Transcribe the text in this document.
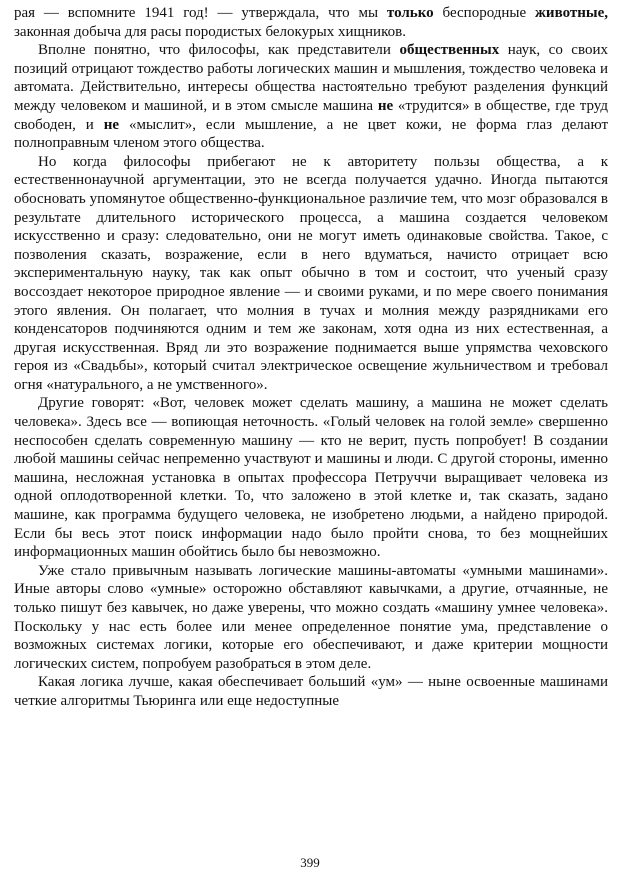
рая — вспомните 1941 год! — утверждала, что мы только беспородные животные, законная добыча для расы породистых белокурых хищников.

Вполне понятно, что философы, как представители общественных наук, со своих позиций отрицают тождество работы логических машин и мышления, тождество человека и автомата. Действительно, интересы общества настоятельно требуют разделения функций между человеком и машиной, и в этом смысле машина не «трудится» в обществе, где труд свободен, и не «мыслит», если мышление, а не цвет кожи, не форма глаз делают полноправным членом этого общества.

Но когда философы прибегают не к авторитету пользы общества, а к естественнонаучной аргументации, это не всегда получается удачно. Иногда пытаются обосновать упомянутое общественно-функциональное различие тем, что мозг образовался в результате длительного исторического процесса, а машина создается человеком искусственно и сразу: следовательно, они не могут иметь одинаковые свойства. Такое, с позволения сказать, возражение, если в него вдуматься, начисто отрицает всю экспериментальную науку, так как опыт обычно в том и состоит, что ученый сразу воссоздает некоторое природное явление — и своими руками, и по мере своего понимания этого явления. Он полагает, что молния в тучах и молния между разрядниками его конденсаторов подчиняются одним и тем же законам, хотя одна из них естественная, а другая искусственная. Вряд ли это возражение поднимается выше упрямства чеховского героя из «Свадьбы», который считал электрическое освещение жульничеством и требовал огня «натурального, а не умственного».

Другие говорят: «Вот, человек может сделать машину, а машина не может сделать человека». Здесь все — вопиющая неточность. «Голый человек на голой земле» свершенно неспособен сделать современную машину — кто не верит, пусть попробует! В создании любой машины сейчас непременно участвуют и машины и люди. С другой стороны, именно машина, несложная установка в опытах профессора Петруччи выращивает человека из одной оплодотворенной клетки. То, что заложено в этой клетке и, так сказать, задано машине, как программа будущего человека, не изобретено людьми, а найдено природой. Если бы весь этот поиск информации надо было пройти снова, то без мощнейших информационных машин обойтись было бы невозможно.

Уже стало привычным называть логические машины-автоматы «умными машинами». Иные авторы слово «умные» осторожно обставляют кавычками, а другие, отчаянные, не только пишут без кавычек, но даже уверены, что можно создать «машину умнее человека». Поскольку у нас есть более или менее определенное понятие ума, представление о возможных системах логики, которые его обеспечивают, и даже критерии мощности логических систем, попробуем разобраться в этом деле.

Какая логика лучше, какая обеспечивает больший «ум» — ныне освоенные машинами четкие алгоритмы Тьюринга или еще недоступные

399
